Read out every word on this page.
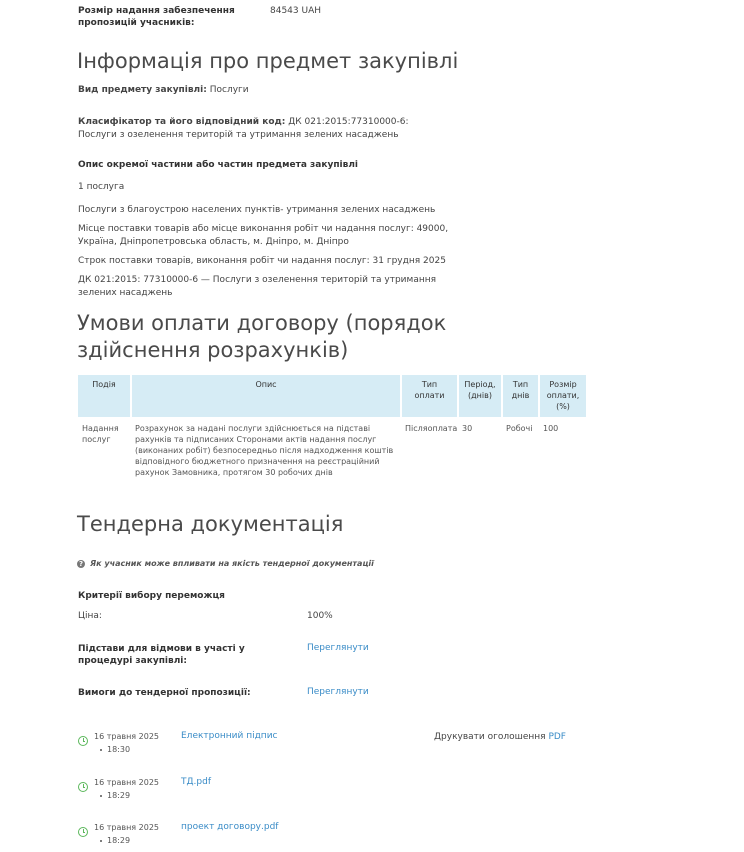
Розмір надання забезпечення пропозицій учасників:
84543 UAH
Інформація про предмет закупівлі
Вид предмету закупівлі: Послуги
Класифікатор та його відповідний код: ДК 021:2015:77310000-6: Послуги з озеленення територій та утримання зелених насаджень
Опис окремої частини або частин предмета закупівлі
1 послуга
Послуги з благоустрою населених пунктів- утримання зелених насаджень
Місце поставки товарів або місце виконання робіт чи надання послуг: 49000, Україна, Дніпропетровська область, м. Дніпро, м. Дніпро
Строк поставки товарів, виконання робіт чи надання послуг: 31 грудня 2025
ДК 021:2015: 77310000-6 — Послуги з озеленення територій та утримання зелених насаджень
Умови оплати договору (порядок здійснення розрахунків)
Подія	Опис	Тип оплати	Період, (днів)	Тип днів	Розмір оплати, (%)
Надання послуг	Розрахунок за надані послуги здійснюється на підставі рахунків та підписаних Сторонами актів надання послуг (виконаних робіт) безпосередньо після надходження коштів відповідного бюджетного призначення на реєстраційний рахунок Замовника, протягом 30 робочих днів	Післяоплата	30	Робочі	100
Тендерна документація
? Як учасник може впливати на якість тендерної документації
Критерії вибору переможця
Ціна:	100%
Підстави для відмови в участі у процедурі закупівлі:
Переглянути
Вимоги до тендерної пропозиції:	Переглянути
16 травня 2025
18:30
Електронний підпис	Друкувати оголошення PDF
16 травня 2025
18:29
ТД.pdf
16 травня 2025
18:29
проект договору.pdf
